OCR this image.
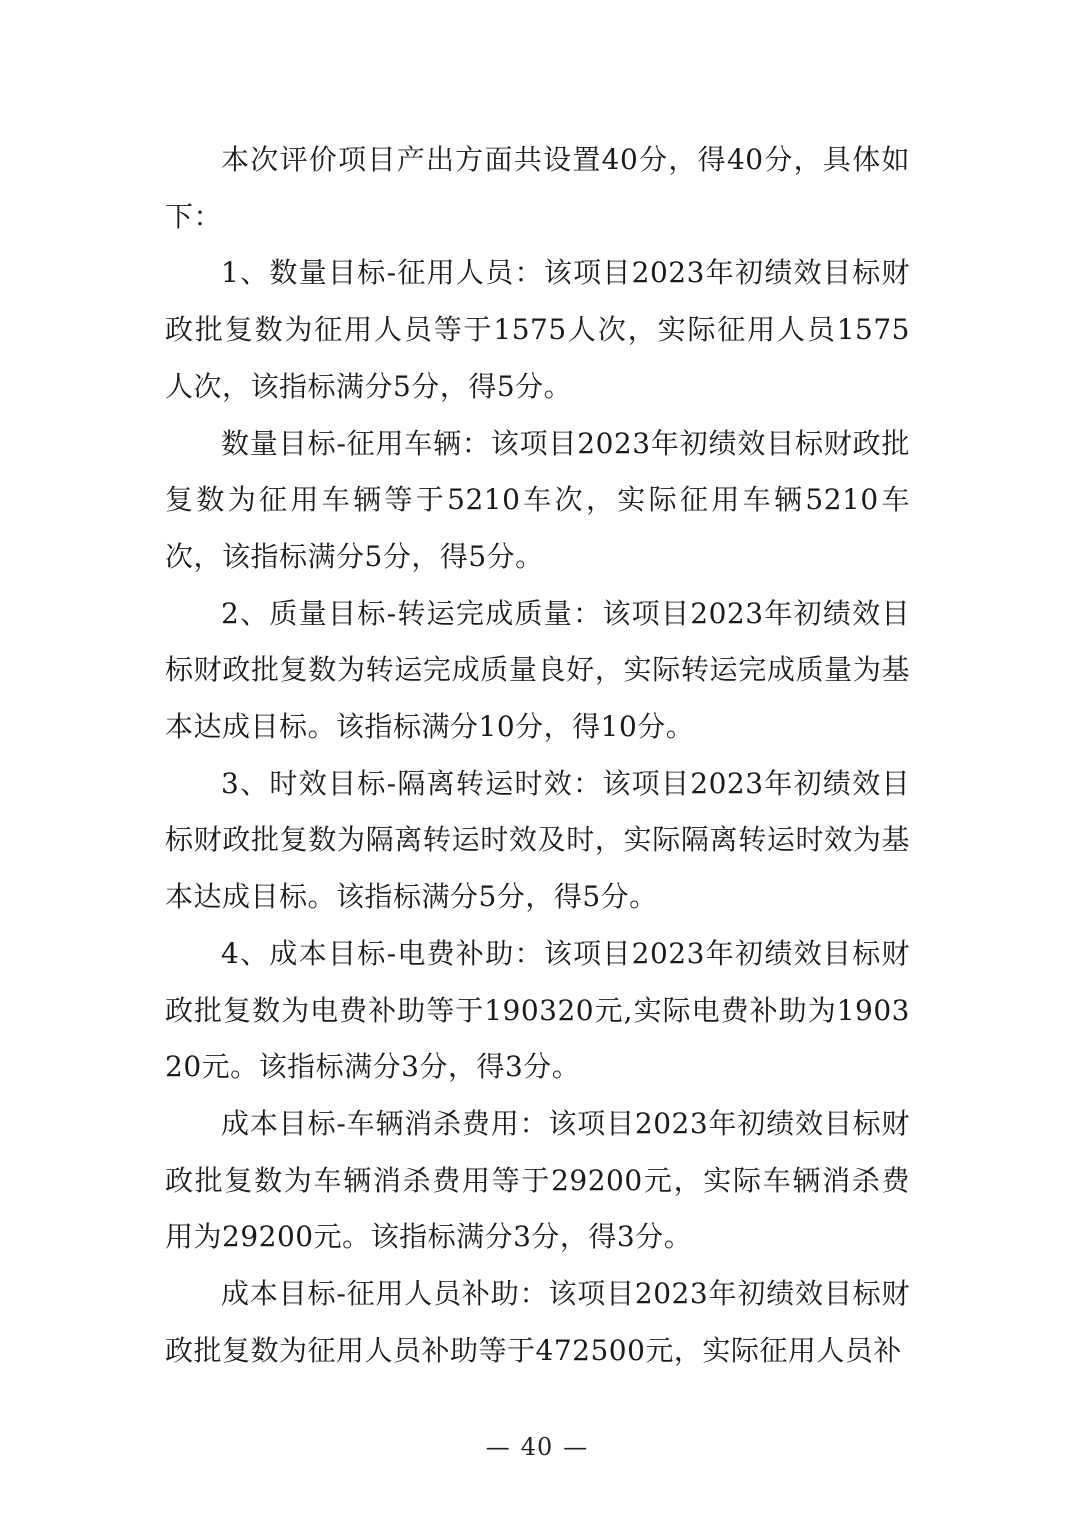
本次评价项目产出方面共设置40分，得40分，具体如下：

1、数量目标-征用人员：该项目2023年初绩效目标财政批复数为征用人员等于1575人次，实际征用人员1575人次，该指标满分5分，得5分。

数量目标-征用车辆：该项目2023年初绩效目标财政批复数为征用车辆等于5210车次，实际征用车辆5210车次，该指标满分5分，得5分。

2、质量目标-转运完成质量：该项目2023年初绩效目标财政批复数为转运完成质量良好，实际转运完成质量为基本达成目标。该指标满分10分，得10分。

3、时效目标-隔离转运时效：该项目2023年初绩效目标财政批复数为隔离转运时效及时，实际隔离转运时效为基本达成目标。该指标满分5分，得5分。

4、成本目标-电费补助：该项目2023年初绩效目标财政批复数为电费补助等于190320元,实际电费补助为190320元。该指标满分3分，得3分。

成本目标-车辆消杀费用：该项目2023年初绩效目标财政批复数为车辆消杀费用等于29200元，实际车辆消杀费用为29200元。该指标满分3分，得3分。

成本目标-征用人员补助：该项目2023年初绩效目标财政批复数为征用人员补助等于472500元，实际征用人员补

— 40 —
